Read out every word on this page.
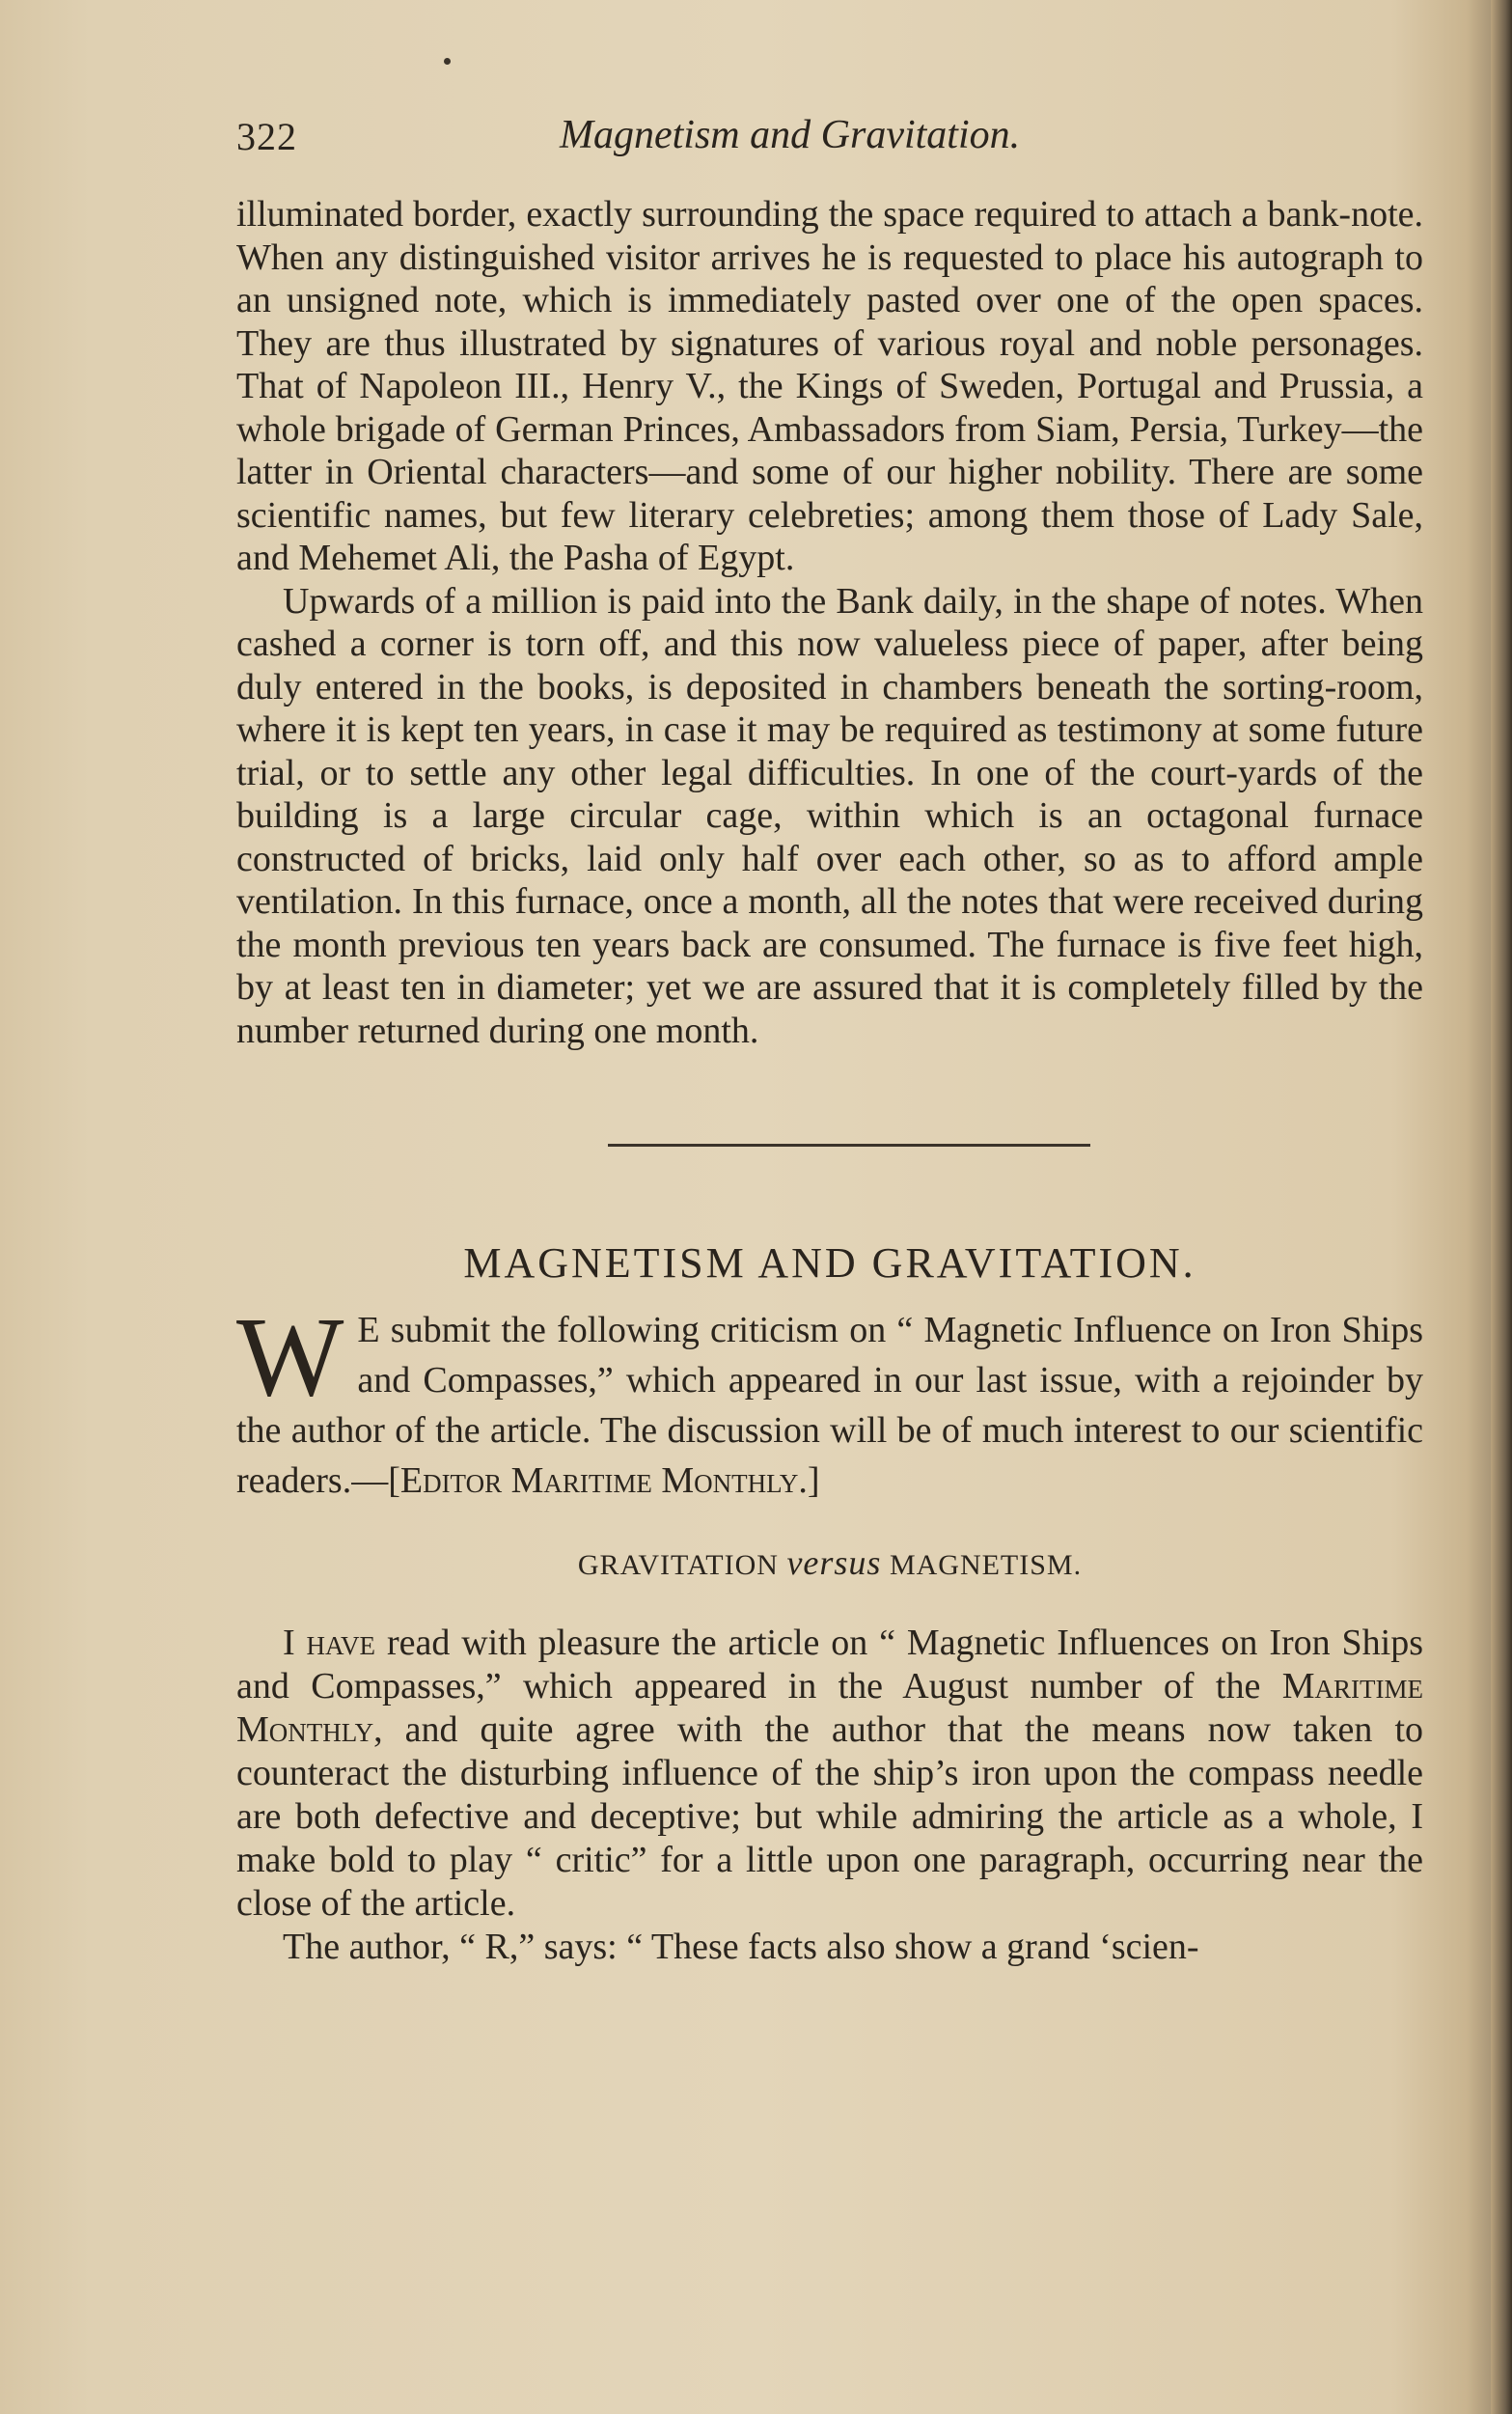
322	Magnetism and Gravitation.

illuminated border, exactly surrounding the space required to attach a bank-note. When any distinguished visitor arrives he is requested to place his autograph to an unsigned note, which is immediately pasted over one of the open spaces. They are thus illustrated by signatures of various royal and noble personages. That of Napoleon III., Henry V., the Kings of Sweden, Portugal and Prussia, a whole brigade of German Princes, Ambassadors from Siam, Persia, Turkey—the latter in Oriental characters—and some of our higher nobility. There are some scientific names, but few literary celebreties; among them those of Lady Sale, and Mehemet Ali, the Pasha of Egypt.

Upwards of a million is paid into the Bank daily, in the shape of notes. When cashed a corner is torn off, and this now valueless piece of paper, after being duly entered in the books, is deposited in chambers beneath the sorting-room, where it is kept ten years, in case it may be required as testimony at some future trial, or to settle any other legal difficulties. In one of the court-yards of the building is a large circular cage, within which is an octagonal furnace constructed of bricks, laid only half over each other, so as to afford ample ventilation. In this furnace, once a month, all the notes that were received during the month previous ten years back are consumed. The furnace is five feet high, by at least ten in diameter; yet we are assured that it is completely filled by the number returned during one month.

MAGNETISM AND GRAVITATION.

W E submit the following criticism on “ Magnetic Influence on Iron Ships and Compasses,” which appeared in our last issue, with a rejoinder by the author of the article. The discussion will be of much interest to our scientific readers.—[Editor Maritime Monthly.]

GRAVITATION versus MAGNETISM.

I have read with pleasure the article on “ Magnetic Influences on Iron Ships and Compasses,” which appeared in the August number of the Maritime Monthly, and quite agree with the author that the means now taken to counteract the disturbing influence of the ship’s iron upon the compass needle are both defective and deceptive; but while admiring the article as a whole, I make bold to play “ critic” for a little upon one paragraph, occurring near the close of the article.

The author, “ R,” says: “ These facts also show a grand ‘scien-
